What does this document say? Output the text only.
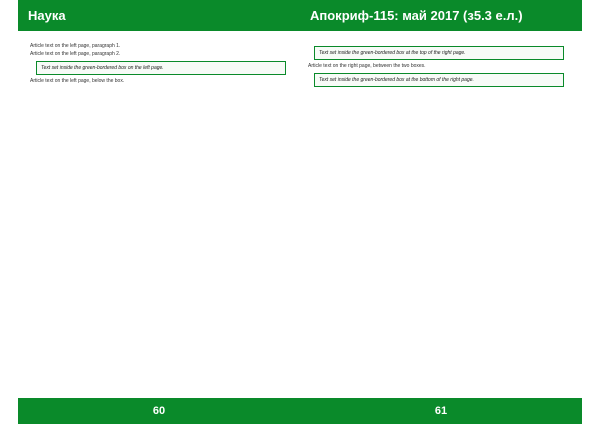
Наука

Article text on the left page, paragraph 1.

Article text on the left page, paragraph 2.

Text set inside the green-bordered box on the left page.

Article text on the left page, below the box.

60
Апокриф-115: май 2017 (з5.3 е.л.)
Text set inside the green-bordered box at the top of the right page.

Article text on the right page, between the two boxes.

Text set inside the green-bordered box at the bottom of the right page.
61
